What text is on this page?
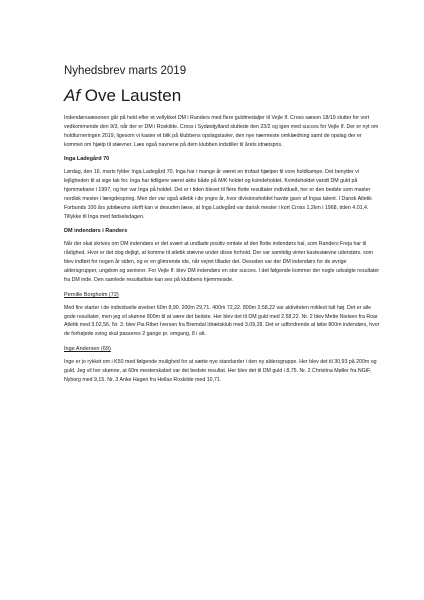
Nyhedsbrev marts 2019
Af Ove Lausten

Indendørssæsonen går på held efter et vellykket DM i Randers med flere guldmedaljer til Vejle If. Cross sæson 18/19 slutter for vort vedkommende den 9/3, når der er DM i Roskilde. Cross i Sydøstjylland sluttede den 23/2 og igen med succes for Vejle If. Der er nyt om holdturneringen 2019, ligesom vi kaster et blik på klubbens opslagstavler, den nye nærmeste omklædning samt de opslag der er kommet om hjælp til stævner. Læs også navnene på dem klubben indstiller til årets idrætspris.

Inga Ladegård 70

Lørdag, den 16. marts fylder Inga Ladegård 70. Inga har i mange år været en trofast hjælper til vore holdkampe. Det benytter vi lejligheden til at sige tak for. Inga har tidligere været aktiv både på M/K holdet og kvindeholdet. Kvindeholdet vandt DM guld på hjemmebane i 1997, og her var Inga på holdet. Det er i tiden blevet til flere flotte resultater individuelt, her er den bedste som master nordisk mester i længdespring. Men der var også atletik i de yngre år, hvor divisionsholdet havde gavn af Ingas talent. I Dansk Atletik Forbunds 100 års jubilæums skrift kan vi desuden læse, at Inga Ladegård var dansk mester i kort Cross 1,2km i 1968, tiden 4.01,4. Tillykke til Inga med fødselsdagen.

DM indendørs i Randers

Når der skal skrives om DM indendørs er det svært at undlade positiv omtale af den flotte indendørs hal, som Randers Freja har til rådighed. Hvor er det dog dejligt, at komme til atletik stævne under disse forhold. Der var samtidig vinter kastestævne udendørs. som blev indført for nogen år siden, og er en glimrende ide, når vejret tillader det. Desuden var der DM indendørs for de øvrige aldersgrupper, ungdom og seniorer. For Vejle If. blev DM indendørs en stor succes. I det følgende kommer der nogle udvalgte resultater fra DM inde. Den samlede resultatliste kan ses på klubbens hjemmeside.

Pernille Borgholm (72)

Med fire starter i de individuelle øvelser 60m 8,90. 200m 29,71. 400m 72,22. 800m 2.58,22 var aktiviteten mildest talt høj. Det er alle gode resultater, men jeg vil skønne 800m til at være det bedste. Her blev det til DM guld med 2.58,22. Nr. 2 blev Mette Nielsen fra Roar Atletik med 3.02,56. Nr. 3. blev Pia Riber Iversen fra Bremdal Idrætsklub med 3.09,28. Det er udfordrende at løbe 800m indendørs, hvor de forhøjede sving skal passeres 2 gange pr. omgang, 8 i alt.

Inge Andersen (69)

Inge er jo rykket om i K50 med følgende mulighed for at sætte nye standarder i den ny aldersgruppe. Her blev det til 30,93 på 200m og guld. Jeg vil her skønne, at 60m mesterskabet var det bedste resultat. Her blev det til DM guld i 8,75. Nr. 2 Christina Møller fra NGIF, Nyborg med 9,15. Nr. 3 Anke Hagen fra Hellas Roskilde med 10,71.
